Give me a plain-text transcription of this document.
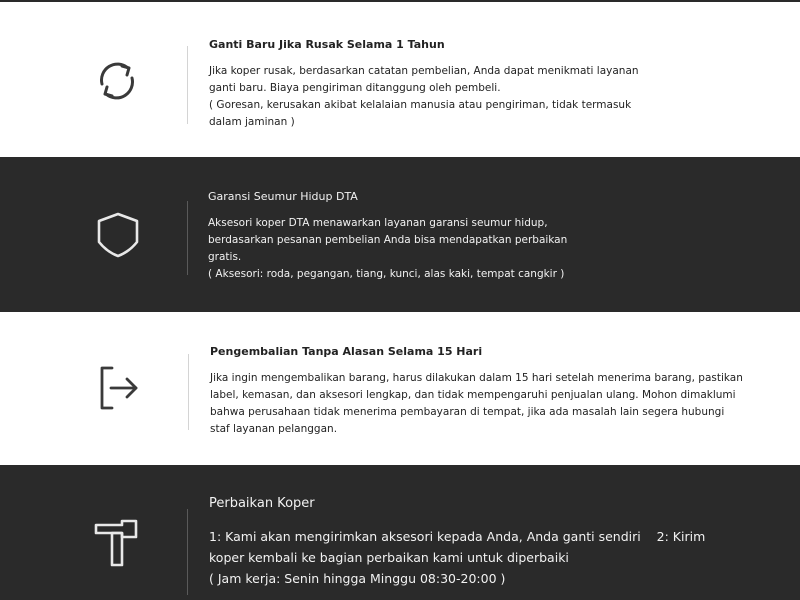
Ganti Baru Jika Rusak Selama 1 Tahun

Jika koper rusak, berdasarkan catatan pembelian, Anda dapat menikmati layanan

ganti baru. Biaya pengiriman ditanggung oleh pembeli.

( Goresan, kerusakan akibat kelalaian manusia atau pengiriman, tidak termasuk

dalam jaminan )

Garansi Seumur Hidup DTA

Aksesori koper DTA menawarkan layanan garansi seumur hidup,

berdasarkan pesanan pembelian Anda bisa mendapatkan perbaikan

gratis.

( Aksesori: roda, pegangan, tiang, kunci, alas kaki, tempat cangkir )

Pengembalian Tanpa Alasan Selama 15 Hari

Jika ingin mengembalikan barang, harus dilakukan dalam 15 hari setelah menerima barang, pastikan

label, kemasan, dan aksesori lengkap, dan tidak mempengaruhi penjualan ulang. Mohon dimaklumi

bahwa perusahaan tidak menerima pembayaran di tempat, jika ada masalah lain segera hubungi

staf layanan pelanggan.

Perbaikan Koper

1: Kami akan mengirimkan aksesori kepada Anda, Anda ganti sendiri    2: Kirim

koper kembali ke bagian perbaikan kami untuk diperbaiki

( Jam kerja: Senin hingga Minggu 08:30-20:00 )
